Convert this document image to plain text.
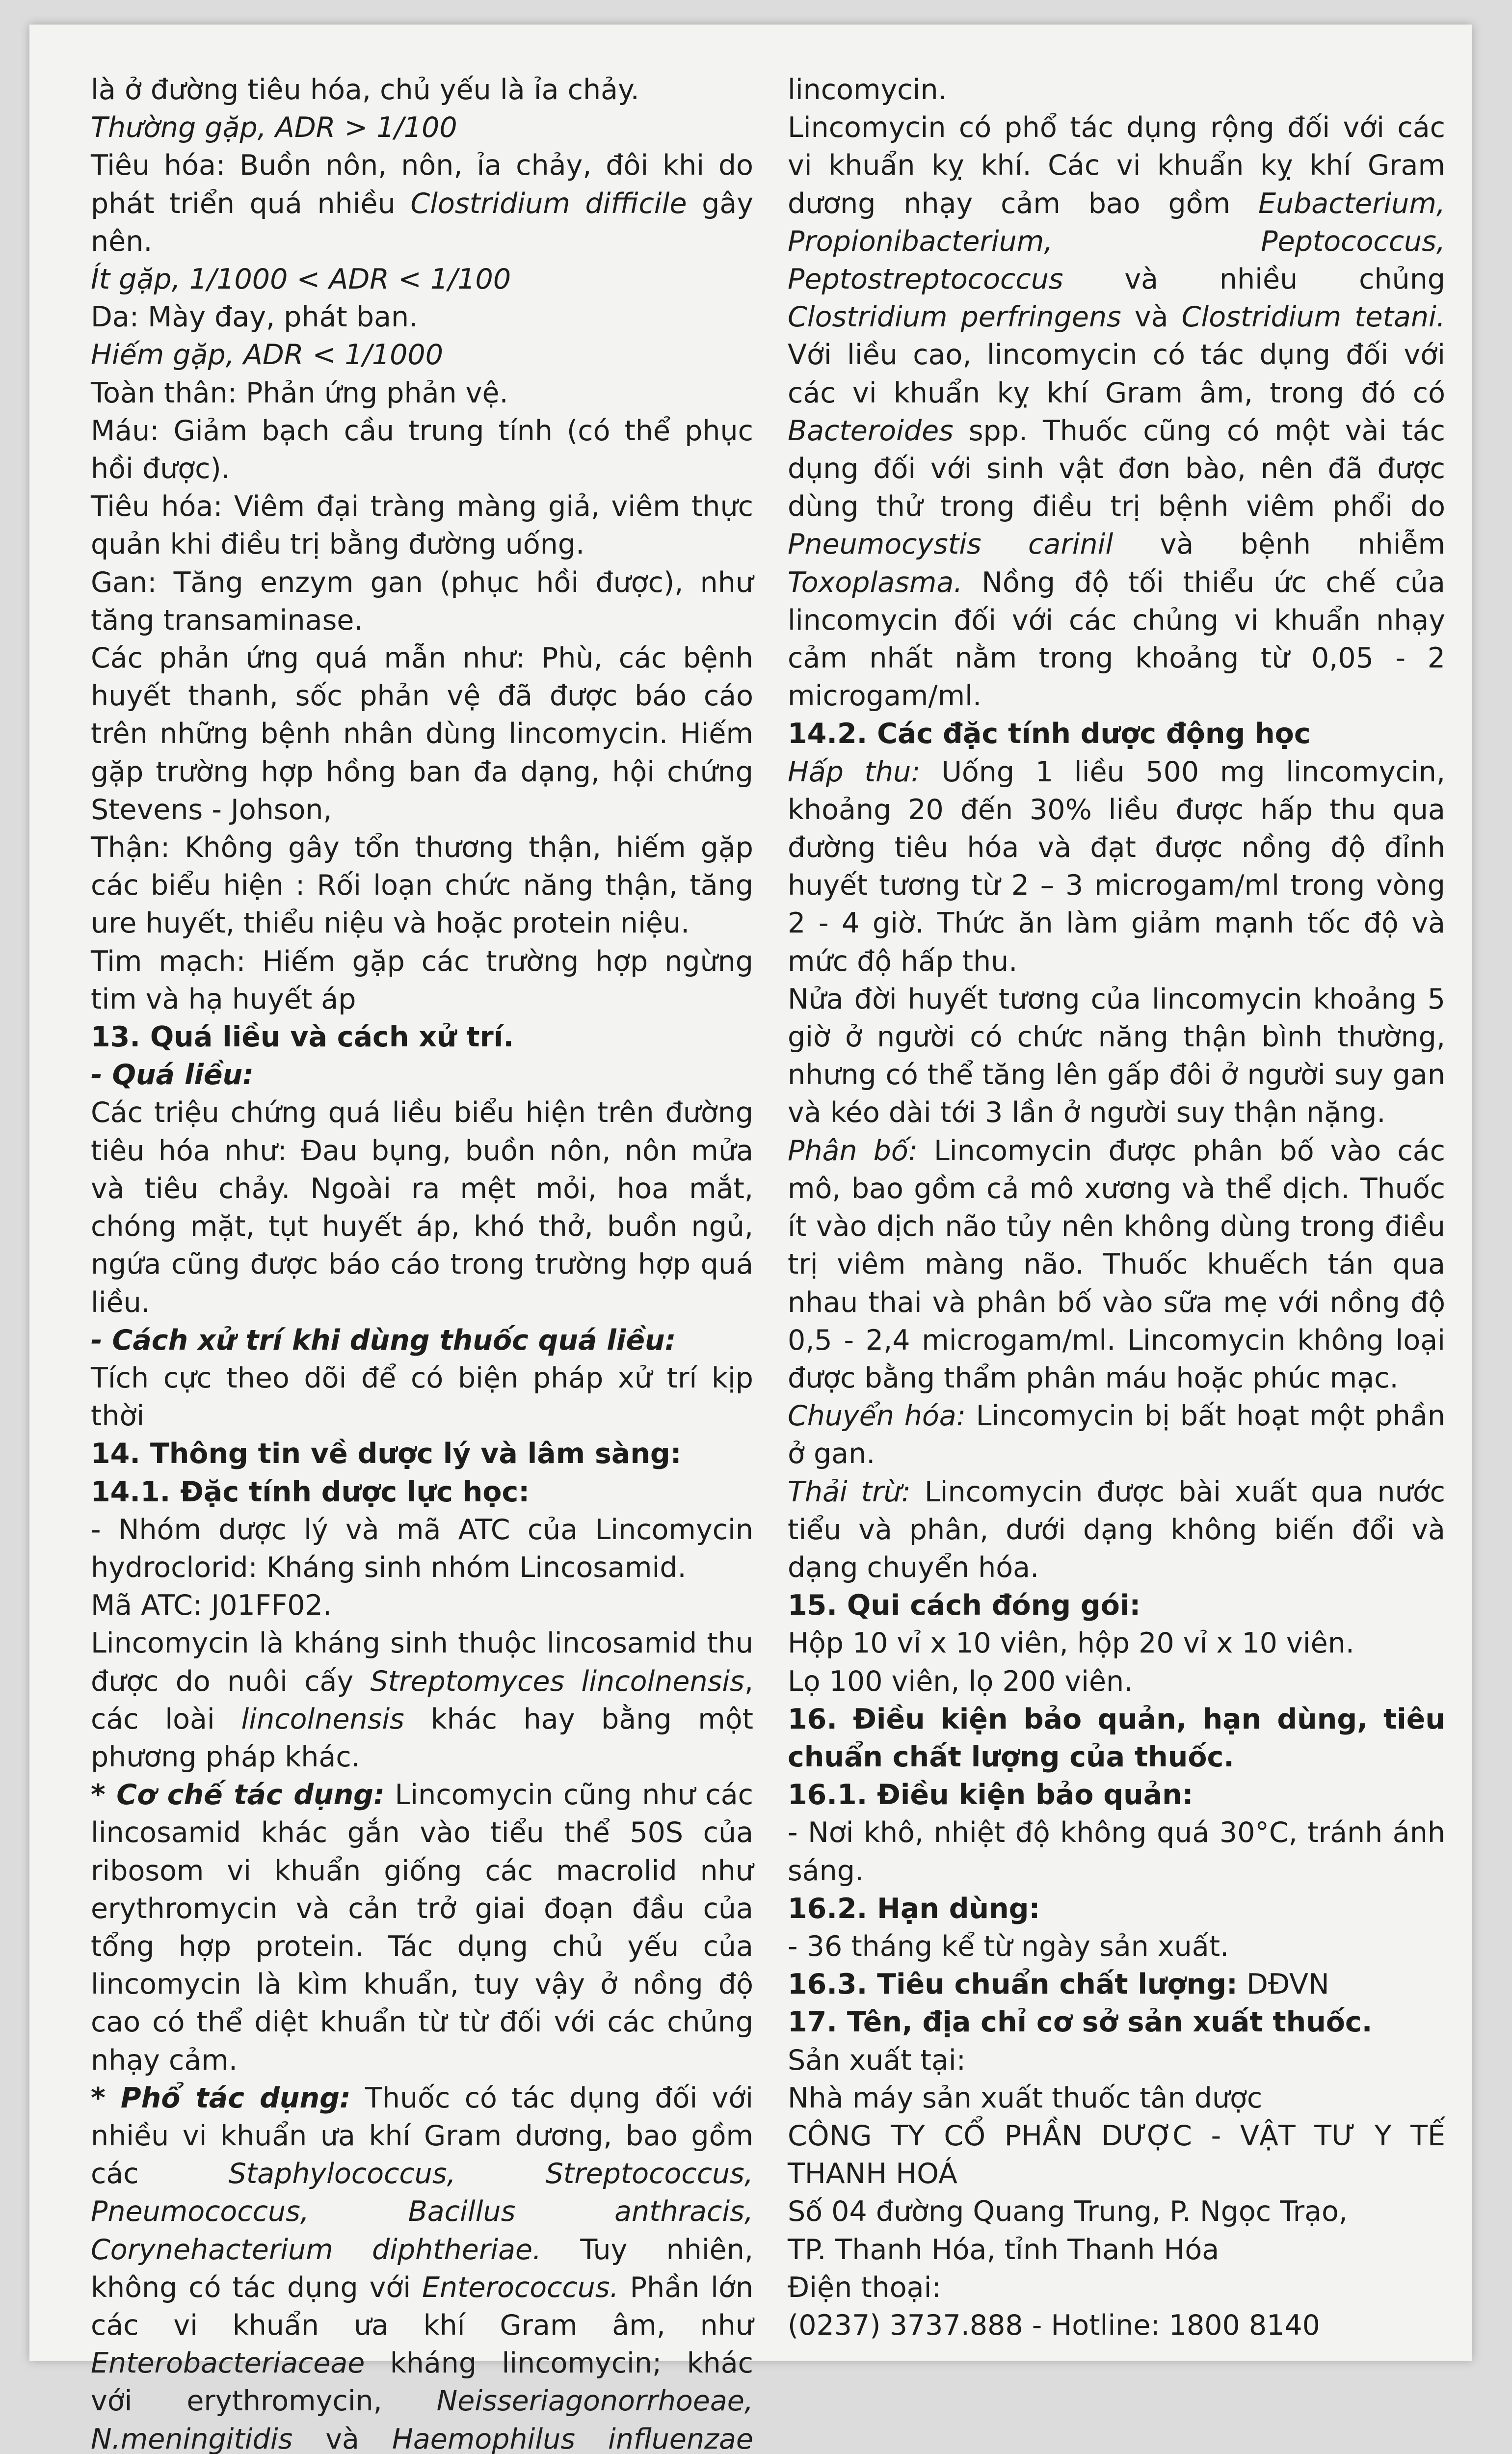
là ở đường tiêu hóa, chủ yếu là ỉa chảy.

Thường gặp, ADR > 1/100

Tiêu hóa: Buồn nôn, nôn, ỉa chảy, đôi khi do phát triển quá nhiều Clostridium difficile gây nên.

Ít gặp, 1/1000 < ADR < 1/100

Da: Mày đay, phát ban.

Hiếm gặp, ADR < 1/1000

Toàn thân: Phản ứng phản vệ.

Máu: Giảm bạch cầu trung tính (có thể phục hồi được).

Tiêu hóa: Viêm đại tràng màng giả, viêm thực quản khi điều trị bằng đường uống.

Gan: Tăng enzym gan (phục hồi được), như tăng transaminase.

Các phản ứng quá mẫn như: Phù, các bệnh huyết thanh, sốc phản vệ đã được báo cáo trên những bệnh nhân dùng lincomycin. Hiếm gặp trường hợp hồng ban đa dạng, hội chứng Stevens - Johson,

Thận: Không gây tổn thương thận, hiếm gặp các biểu hiện : Rối loạn chức năng thận, tăng ure huyết, thiểu niệu và hoặc protein niệu.

Tim mạch: Hiếm gặp các trường hợp ngừng tim và hạ huyết áp

13. Quá liều và cách xử trí.

- Quá liều:

Các triệu chứng quá liều biểu hiện trên đường tiêu hóa như: Đau bụng, buồn nôn, nôn mửa và tiêu chảy. Ngoài ra mệt mỏi, hoa mắt, chóng mặt, tụt huyết áp, khó thở, buồn ngủ, ngứa cũng được báo cáo trong trường hợp quá liều.

- Cách xử trí khi dùng thuốc quá liều:

Tích cực theo dõi để có biện pháp xử trí kịp thời

14. Thông tin về dược lý và lâm sàng:

14.1. Đặc tính dược lực học:

- Nhóm dược lý và mã ATC của Lincomycin hydroclorid: Kháng sinh nhóm Lincosamid.

Mã ATC: J01FF02.

Lincomycin là kháng sinh thuộc lincosamid thu được do nuôi cấy Streptomyces lincolnensis, các loài lincolnensis khác hay bằng một phương pháp khác.

* Cơ chế tác dụng: Lincomycin cũng như các lincosamid khác gắn vào tiểu thể 50S của ribosom vi khuẩn giống các macrolid như erythromycin và cản trở giai đoạn đầu của tổng hợp protein. Tác dụng chủ yếu của lincomycin là kìm khuẩn, tuy vậy ở nồng độ cao có thể diệt khuẩn từ từ đối với các chủng nhạy cảm.

* Phổ tác dụng: Thuốc có tác dụng đối với nhiều vi khuẩn ưa khí Gram dương, bao gồm các Staphylococcus, Streptococcus, Pneumococcus, Bacillus anthracis, Corynehacterium diphtheriae. Tuy nhiên, không có tác dụng với Enterococcus. Phần lớn các vi khuẩn ưa khí Gram âm, như Enterobacteriaceae kháng lincomycin; khác với erythromycin, Neisseriagonorrhoeae, N.meningitidis và Haemophilus influenzae

lincomycin.

Lincomycin có phổ tác dụng rộng đối với các vi khuẩn kỵ khí. Các vi khuẩn kỵ khí Gram dương nhạy cảm bao gồm Eubacterium, Propionibacterium, Peptococcus, Peptostreptococcus và nhiều chủng Clostridium perfringens và Clostridium tetani. Với liều cao, lincomycin có tác dụng đối với các vi khuẩn kỵ khí Gram âm, trong đó có Bacteroides spp. Thuốc cũng có một vài tác dụng đối với sinh vật đơn bào, nên đã được dùng thử trong điều trị bệnh viêm phổi do Pneumocystis carinil và bệnh nhiễm Toxoplasma. Nồng độ tối thiểu ức chế của lincomycin đối với các chủng vi khuẩn nhạy cảm nhất nằm trong khoảng từ 0,05 - 2 microgam/ml.

14.2. Các đặc tính dược động học

Hấp thu: Uống 1 liều 500 mg lincomycin, khoảng 20 đến 30% liều được hấp thu qua đường tiêu hóa và đạt được nồng độ đỉnh huyết tương từ 2 – 3 microgam/ml trong vòng 2 - 4 giờ. Thức ăn làm giảm mạnh tốc độ và mức độ hấp thu.

Nửa đời huyết tương của lincomycin khoảng 5 giờ ở người có chức năng thận bình thường, nhưng có thể tăng lên gấp đôi ở người suy gan và kéo dài tới 3 lần ở người suy thận nặng.

Phân bố: Lincomycin được phân bố vào các mô, bao gồm cả mô xương và thể dịch. Thuốc ít vào dịch não tủy nên không dùng trong điều trị viêm màng não. Thuốc khuếch tán qua nhau thai và phân bố vào sữa mẹ với nồng độ 0,5 - 2,4 microgam/ml. Lincomycin không loại được bằng thẩm phân máu hoặc phúc mạc.

Chuyển hóa: Lincomycin bị bất hoạt một phần ở gan.

Thải trừ: Lincomycin được bài xuất qua nước tiểu và phân, dưới dạng không biến đổi và dạng chuyển hóa.

15. Qui cách đóng gói:

Hộp 10 vỉ x 10 viên, hộp 20 vỉ x 10 viên.

Lọ 100 viên, lọ 200 viên.

16. Điều kiện bảo quản, hạn dùng, tiêu chuẩn chất lượng của thuốc.

16.1. Điều kiện bảo quản:

- Nơi khô, nhiệt độ không quá 30°C, tránh ánh sáng.

16.2. Hạn dùng:

- 36 tháng kể từ ngày sản xuất.

16.3. Tiêu chuẩn chất lượng: DĐVN

17. Tên, địa chỉ cơ sở sản xuất thuốc.

Sản xuất tại:

Nhà máy sản xuất thuốc tân dược

CÔNG TY CỔ PHẦN DƯỢC - VẬT TƯ Y TẾ THANH HOÁ

Số 04 đường Quang Trung, P. Ngọc Trạo,

TP. Thanh Hóa, tỉnh Thanh Hóa

Điện thoại:

(0237) 3737.888 - Hotline: 1800 8140
